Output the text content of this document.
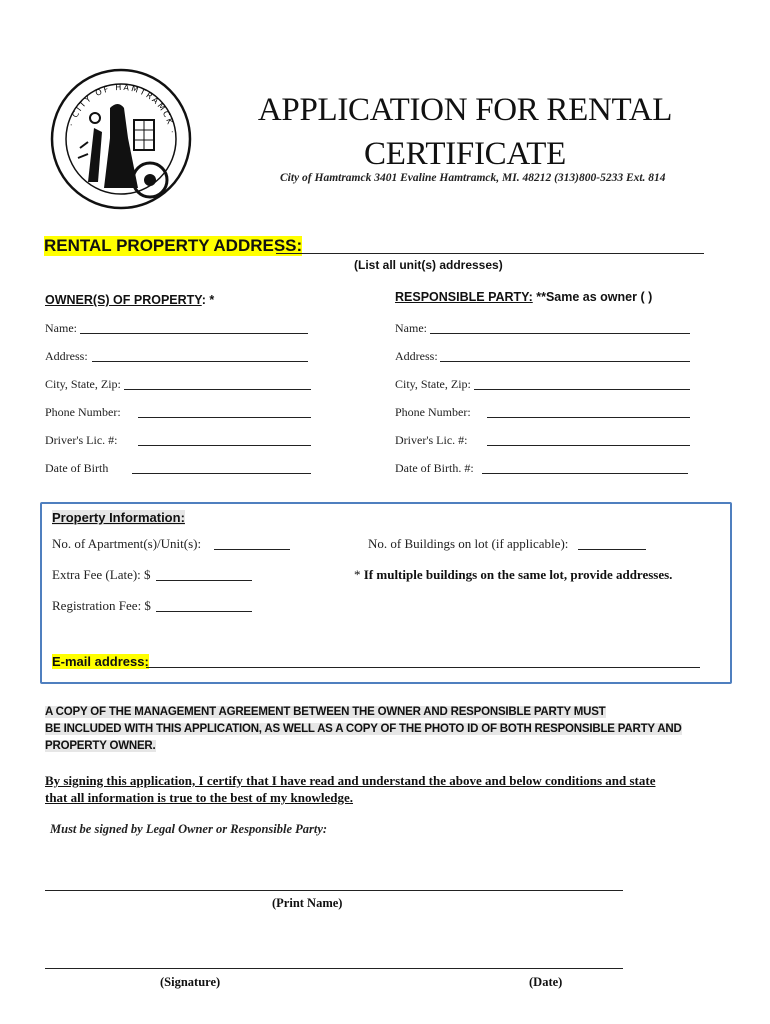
· CITY OF HAMTRAMCK ·
APPLICATION FOR RENTAL
CERTIFICATE
City of Hamtramck 3401 Evaline Hamtramck, MI. 48212 (313)800-5233 Ext. 814
RENTAL PROPERTY ADDRESS:
(List all unit(s) addresses)
OWNER(S) OF PROPERTY: *	RESPONSIBLE PARTY: **Same as owner ( )
Name:
Address:
City, State, Zip:
Phone Number:
Driver's Lic. #:
Date of Birth
Name:
Address:
City, State, Zip:
Phone Number:
Driver's Lic. #:
Date of Birth. #:
Property Information:
No. of Apartment(s)/Unit(s):	No. of Buildings on lot (if applicable):
Extra Fee (Late): $	* If multiple buildings on the same lot, provide addresses.
Registration Fee: $
E-mail address:
A COPY OF THE MANAGEMENT AGREEMENT BETWEEN THE OWNER AND RESPONSIBLE PARTY MUST
BE INCLUDED WITH THIS APPLICATION, AS WELL AS A COPY OF THE PHOTO ID OF BOTH RESPONSIBLE PARTY AND
PROPERTY OWNER.
By signing this application, I certify that I have read and understand the above and below conditions and state
that all information is true to the best of my knowledge.
Must be signed by Legal Owner or Responsible Party:
(Print Name)
(Signature)	(Date)
